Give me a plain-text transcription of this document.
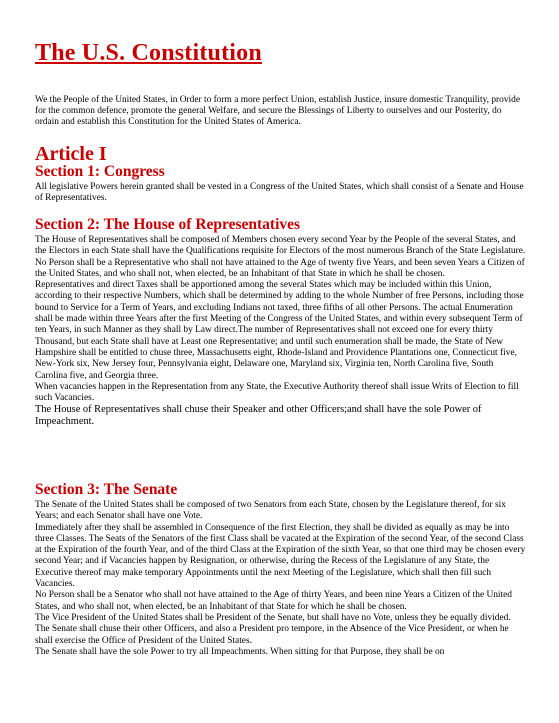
The U.S. Constitution
We the People of the United States, in Order to form a more perfect Union, establish Justice, insure domestic Tranquility, provide for the common defence, promote the general Welfare, and secure the Blessings of Liberty to ourselves and our Posterity, do ordain and establish this Constitution for the United States of America.
Article I
Section 1: Congress

All legislative Powers herein granted shall be vested in a Congress of the United States, which shall consist of a Senate and House of Representatives.

Section 2: The House of Representatives

The House of Representatives shall be composed of Members chosen every second Year by the People of the several States, and the Electors in each State shall have the Qualifications requisite for Electors of the most numerous Branch of the State Legislature.

No Person shall be a Representative who shall not have attained to the Age of twenty five Years, and been seven Years a Citizen of the United States, and who shall not, when elected, be an Inhabitant of that State in which he shall be chosen.

Representatives and direct Taxes shall be apportioned among the several States which may be included within this Union, according to their respective Numbers, which shall be determined by adding to the whole Number of free Persons, including those bound to Service for a Term of Years, and excluding Indians not taxed, three fifths of all other Persons. The actual Enumeration shall be made within three Years after the first Meeting of the Congress of the United States, and within every subsequent Term of ten Years, in such Manner as they shall by Law direct.The number of Representatives shall not exceed one for every thirty Thousand, but each State shall have at Least one Representative; and until such enumeration shall be made, the State of New Hampshire shall be entitled to chuse three, Massachusetts eight, Rhode-Island and Providence Plantations one, Connecticut five, New-York six, New Jersey four, Pennsylvania eight, Delaware one, Maryland six, Virginia ten, North Carolina five, South Carolina five, and Georgia three.

When vacancies happen in the Representation from any State, the Executive Authority thereof shall issue Writs of Election to fill such Vacancies.

The House of Representatives shall chuse their Speaker and other Officers;and shall have the sole Power of Impeachment.

Section 3: The Senate

The Senate of the United States shall be composed of two Senators from each State, chosen by the Legislature thereof, for six Years; and each Senator shall have one Vote.

Immediately after they shall be assembled in Consequence of the first Election, they shall be divided as equally as may be into three Classes. The Seats of the Senators of the first Class shall be vacated at the Expiration of the second Year, of the second Class at the Expiration of the fourth Year, and of the third Class at the Expiration of the sixth Year, so that one third may be chosen every second Year; and if Vacancies happen by Resignation, or otherwise, during the Recess of the Legislature of any State, the Executive thereof may make temporary Appointments until the next Meeting of the Legislature, which shall then fill such Vacancies.

No Person shall be a Senator who shall not have attained to the Age of thirty Years, and been nine Years a Citizen of the United States, and who shall not, when elected, be an Inhabitant of that State for which he shall be chosen.

The Vice President of the United States shall be President of the Senate, but shall have no Vote, unless they be equally divided.

The Senate shall chuse their other Officers, and also a President pro tempore, in the Absence of the Vice President, or when he shall exercise the Office of President of the United States.

The Senate shall have the sole Power to try all Impeachments. When sitting for that Purpose, they shall be on
